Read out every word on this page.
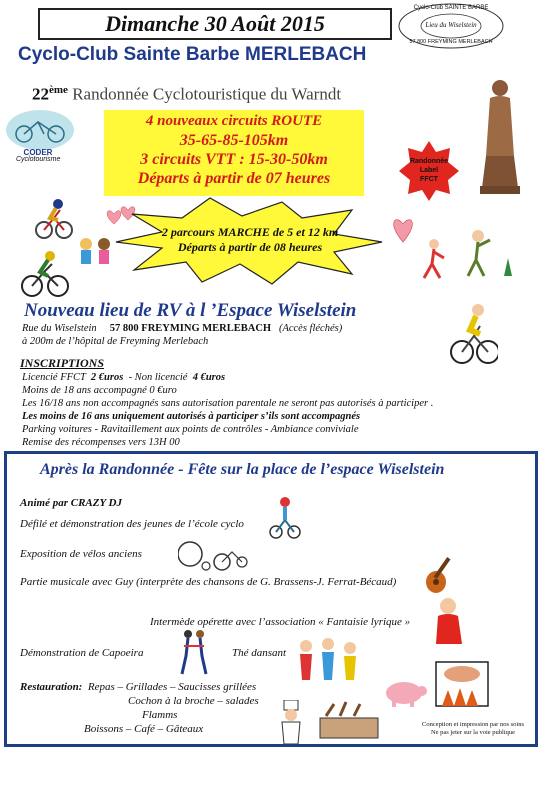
Dimanche 30 Août 2015
Cyclo-Club SAINTE BARBE
Lieu du Wiselstein
57 800 FREYMING MERLEBACH
Cyclo-Club Sainte Barbe MERLEBACH
22ème Randonnée Cyclotouristique du Warndt
CODER
Cyclotourisme
4 nouveaux circuits ROUTE
35-65-85-105km
3 circuits VTT : 15-30-50km
Départs à partir de 07 heures
Randonnée
Label
FFCT
2 parcours MARCHE de 5 et 12 km
Départs à partir de 08 heures
Nouveau lieu de RV à l ’Espace Wiselstein
Rue du Wiselstein 57 800 FREYMING MERLEBACH (Accès fléchés)
à 200m de l’hôpital de Freyming Merlebach
INSCRIPTIONS
Licencié FFCT 2 €uros - Non licencié 4 €uros
Moins de 18 ans accompagné 0 €uro
Les 16/18 ans non accompagnés sans autorisation parentale ne seront pas autorisés à participer .
Les moins de 16 ans uniquement autorisés à participer s’ils sont accompagnés
Parking voitures - Ravitaillement aux points de contrôles - Ambiance conviviale
Remise des récompenses vers 13H 00
Après la Randonnée - Fête sur la place de l’espace Wiselstein
Animé par CRAZY DJ
Défilé et démonstration des jeunes de l’école cyclo
Exposition de vélos anciens
Partie musicale avec Guy (interprète des chansons de G. Brassens-J. Ferrat-Bécaud)
Intermède opérette avec l’association « Fantaisie lyrique »
Démonstration de Capoeira	Thé dansant
Restauration: Repas – Grillades – Saucisses grillées
Cochon à la broche – salades
Flamms
Boissons – Café – Gâteaux	Conception et impression par nos soins
Ne pas jeter sur la voie publique
